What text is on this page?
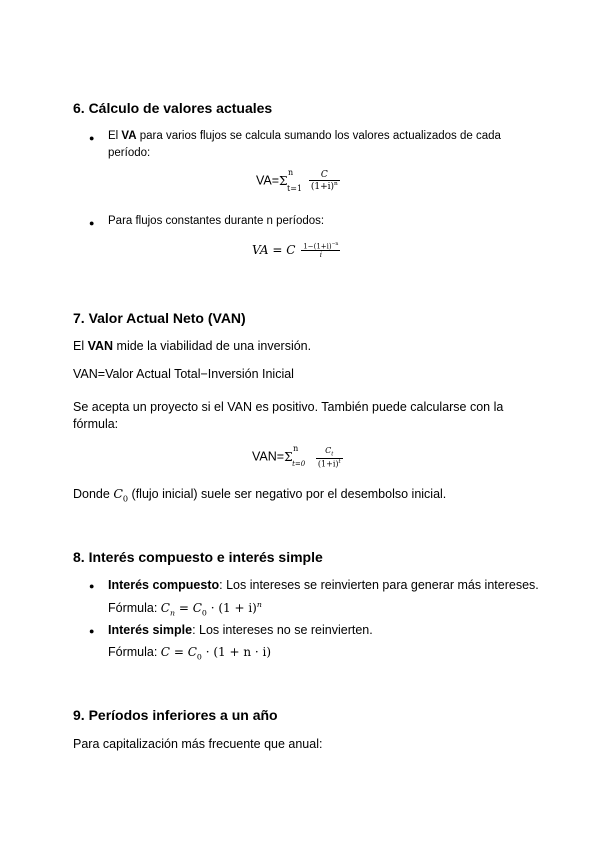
6. Cálculo de valores actuales
● El VA para varios flujos se calcula sumando los valores actualizados de cada
período:
VA=Σ
n
t=1
$\frac{C}{(1+i)^n}$
● Para flujos constantes durante n períodos:
VA = C $\frac{1-(1+i)^{-n}}{i}$
7. Valor Actual Neto (VAN)
El VAN mide la viabilidad de una inversión.
VAN=Valor Actual Total−Inversión Inicial
Se acepta un proyecto si el VAN es positivo. También puede calcularse con la
fórmula:
VAN=Σ
n
t=0
$\frac{C_t}{(1+i)^t}$
Donde $C_0$ (flujo inicial) suele ser negativo por el desembolso inicial.
8. Interés compuesto e interés simple
● Interés compuesto: Los intereses se reinvierten para generar más intereses.
Fórmula: $C_n = C_0 \cdot (1 + i)^n$
● Interés simple: Los intereses no se reinvierten.
Fórmula: $C = C_0 \cdot (1 + n \cdot i)$
9. Períodos inferiores a un año
Para capitalización más frecuente que anual:
